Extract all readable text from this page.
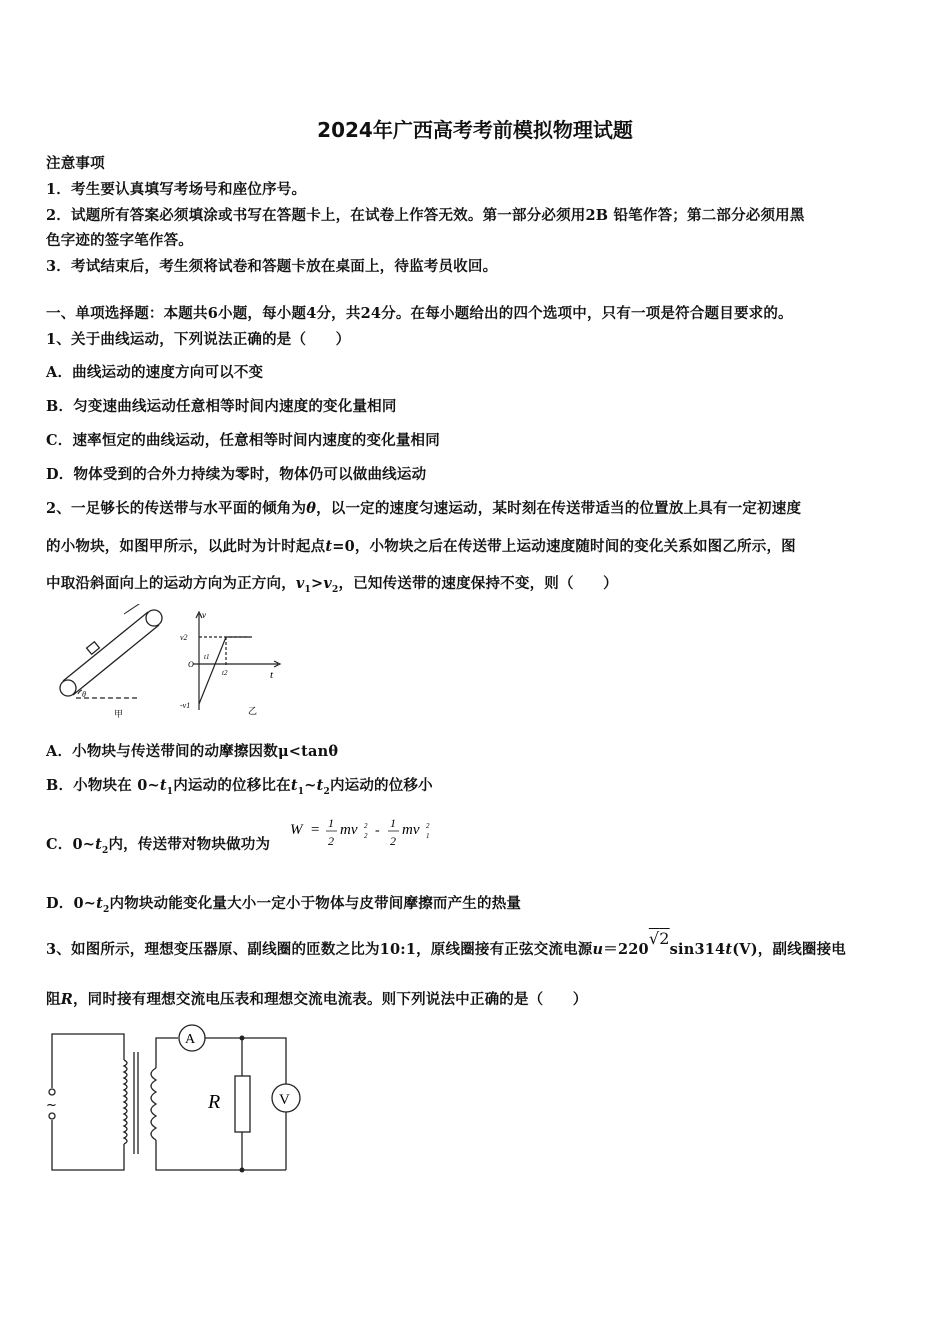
2024年广西高考考前模拟物理试题
注意事项
1．考生要认真填写考场号和座位序号。
2．试题所有答案必须填涂或书写在答题卡上，在试卷上作答无效。第一部分必须用2B 铅笔作答；第二部分必须用黑
色字迹的签字笔作答。
3．考试结束后，考生须将试卷和答题卡放在桌面上，待监考员收回。
一、单项选择题：本题共6小题，每小题4分，共24分。在每小题给出的四个选项中，只有一项是符合题目要求的。
1、关于曲线运动，下列说法正确的是（　　）
A．曲线运动的速度方向可以不变
B．匀变速曲线运动任意相等时间内速度的变化量相同
C．速率恒定的曲线运动，任意相等时间内速度的变化量相同
D．物体受到的合外力持续为零时，物体仍可以做曲线运动
2、一足够长的传送带与水平面的倾角为θ，以一定的速度匀速运动，某时刻在传送带适当的位置放上具有一定初速度
的小物块，如图甲所示，以此时为计时起点t=0，小物块之后在传送带上运动速度随时间的变化关系如图乙所示，图
中取沿斜面向上的运动方向为正方向，$v_1>v_2$，已知传送带的速度保持不变，则（　　）
θ
甲
v
t
v2
O
t1
t2
-v1
乙
A．小物块与传送带间的动摩擦因数μ<tanθ
B．小物块在 $0\sim t_1$内运动的位移比在$t_1\sim t_2$内运动的位移小
C．$0\sim t_2$内，传送带对物块做功为
W = 1
2
mv 2
2 - 1
2
mv 1
2
D．$0\sim t_2$内物块动能变化量大小一定小于物体与皮带间摩擦而产生的热量
3、如图所示，理想变压器原、副线圈的匝数之比为10:1，原线圈接有正弦交流电源u＝220√2sin314t(V)，副线圈接电
阻R，同时接有理想交流电压表和理想交流电流表。则下列说法中正确的是（　　）
~
A
V
R
